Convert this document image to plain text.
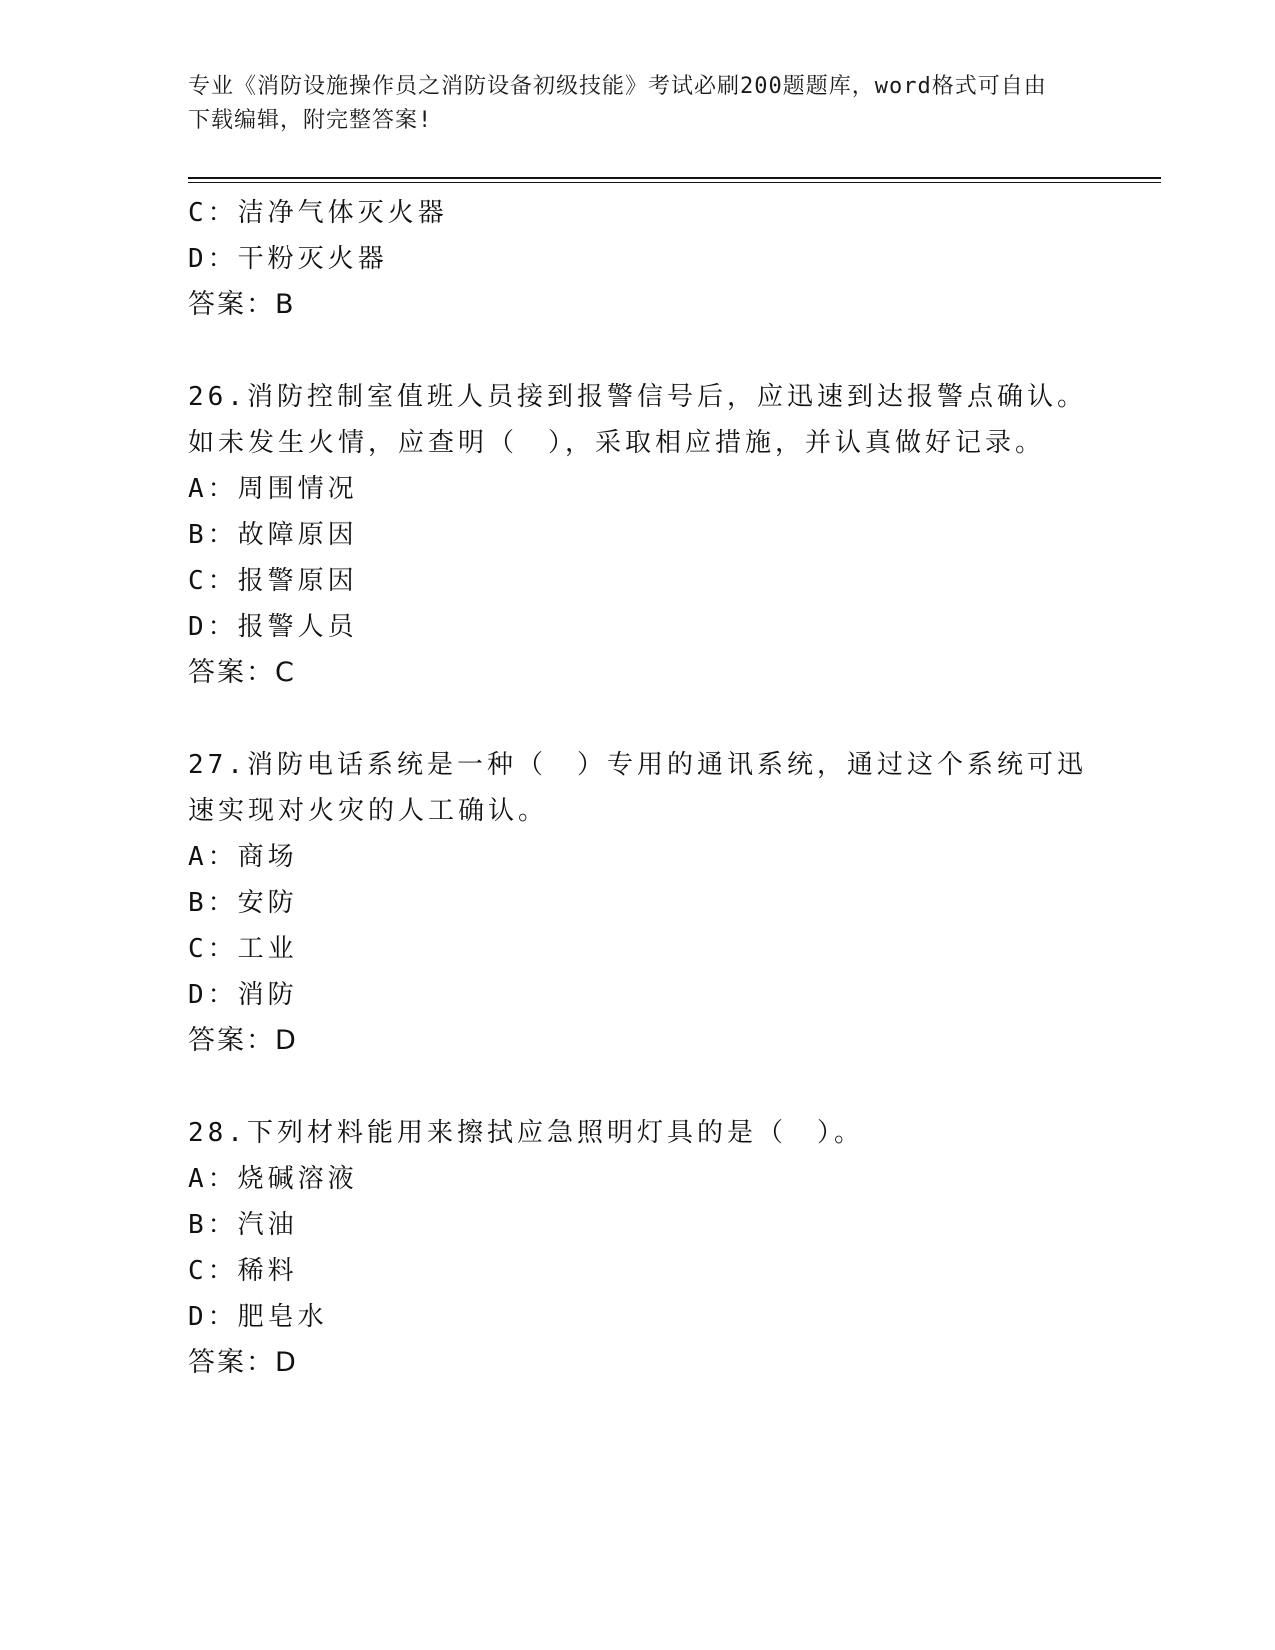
专业《消防设施操作员之消防设备初级技能》考试必刷200题题库，word格式可自由下载编辑，附完整答案!
C：洁净气体灭火器
D：干粉灭火器
答案：B
26.消防控制室值班人员接到报警信号后，应迅速到达报警点确认。如未发生火情，应查明（　），采取相应措施，并认真做好记录。
A：周围情况
B：故障原因
C：报警原因
D：报警人员
答案：C
27.消防电话系统是一种（　）专用的通讯系统，通过这个系统可迅速实现对火灾的人工确认。
A：商场
B：安防
C：工业
D：消防
答案：D
28.下列材料能用来擦拭应急照明灯具的是（　）。
A：烧碱溶液
B：汽油
C：稀料
D：肥皂水
答案：D
